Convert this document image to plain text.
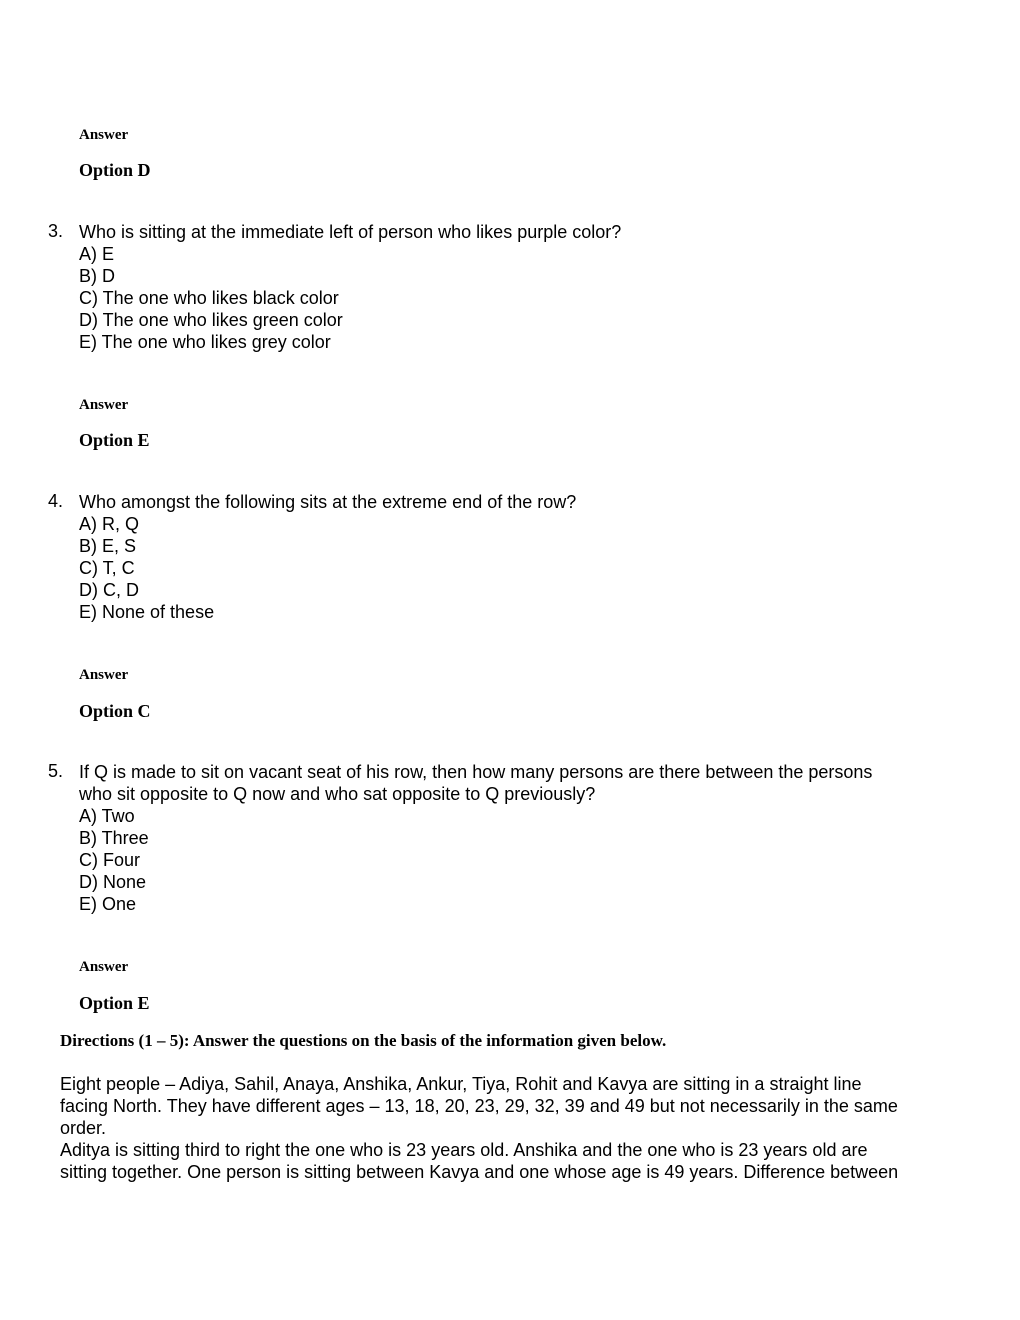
Answer
Option D
3. Who is sitting at the immediate left of person who likes purple color?
A) E
B) D
C) The one who likes black color
D) The one who likes green color
E) The one who likes grey color
Answer
Option E
4. Who amongst the following sits at the extreme end of the row?
A) R, Q
B) E, S
C) T, C
D) C, D
E) None of these
Answer
Option C
5. If Q is made to sit on vacant seat of his row, then how many persons are there between the persons
who sit opposite to Q now and who sat opposite to Q previously?
A) Two
B) Three
C) Four
D) None
E) One
Answer
Option E
Directions (1 – 5): Answer the questions on the basis of the information given below.
Eight people – Adiya, Sahil, Anaya, Anshika, Ankur, Tiya, Rohit and Kavya are sitting in a straight line
facing North. They have different ages – 13, 18, 20, 23, 29, 32, 39 and 49 but not necessarily in the same
order.
Aditya is sitting third to right the one who is 23 years old. Anshika and the one who is 23 years old are
sitting together. One person is sitting between Kavya and one whose age is 49 years. Difference between
